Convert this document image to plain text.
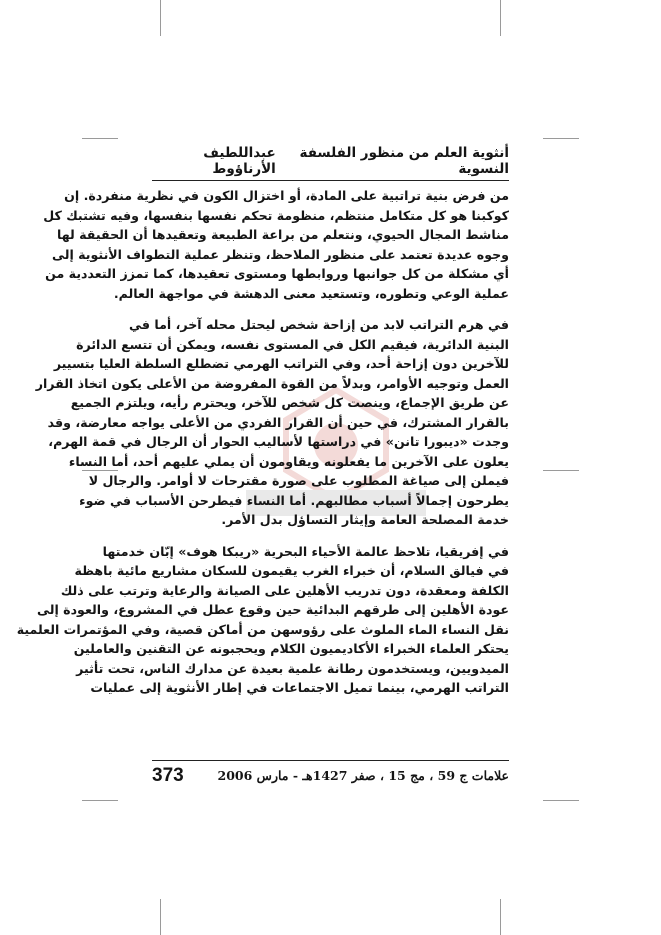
أنثوية العلم من منظور الفلسفة النسوية
عبداللطيف الأرناؤوط

من فرض بنية تراتبية على المادة، أو اختزال الكون في نظرية منفردة. إن
كوكبنا هو كل متكامل منتظم، منظومة تحكم نفسها بنفسها، وفيه تشتبك كل
مناشط المجال الحيوي، ونتعلم من براعة الطبيعة وتعقيدها أن الحقيقة لها
وجوه عديدة تعتمد على منظور الملاحظ، وتنظر عملية التطواف الأنثوية إلى
أي مشكلة من كل جوانبها وروابطها ومستوى تعقيدها، كما تمزز التعددية من
عملية الوعي وتطوره، وتستعيد معنى الدهشة في مواجهة العالم.

في هرم التراتب لابد من إزاحة شخص ليحتل محله آخر، أما في
البنية الدائرية، فيقيم الكل في المستوى نفسه، ويمكن أن تتسع الدائرة
للآخرين دون إزاحة أحد، وفي التراتب الهرمي تضطلع السلطة العليا بتسيير
العمل وتوجيه الأوامر، وبدلاً من القوة المفروضة من الأعلى يكون اتخاذ القرار
عن طريق الإجماع، وينصت كل شخص للآخر، ويحترم رأيه، ويلتزم الجميع
بالقرار المشترك، في حين أن القرار الفردي من الأعلى يواجه معارضة، وقد
وجدت «ديبورا تانن» في دراستها لأساليب الحوار أن الرجال في قمة الهرم،
يعلون على الآخرين ما يفعلونه ويقاومون أن يملي عليهم أحد، أما النساء
فيملن إلى صياغة المطلوب على صورة مقترحات لا أوامر. والرجال لا
يطرحون إجمالاً أسباب مطالبهم. أما النساء فيطرحن الأسباب في ضوء
خدمة المصلحة العامة وإيثار التساؤل بدل الأمر.

في إفريقيا، تلاحظ عالمة الأحياء البحرية «ريبكا هوف» إبّان خدمتها
في فيالق السلام، أن خبراء الغرب يقيمون للسكان مشاريع مائية باهظة
الكلفة ومعقدة، دون تدريب الأهلين على الصيانة والرعاية وترتب على ذلك
عودة الأهلين إلى طرقهم البدائية حين وقوع عطل في المشروع، والعودة إلى
نقل النساء الماء الملوث على رؤوسهن من أماكن قصية، وفي المؤتمرات العلمية
يحتكر العلماء الخبراء الأكاديميون الكلام ويحجبونه عن التقنين والعاملين
الميدويين، ويستخدمون رطانة علمية بعيدة عن مدارك الناس، تحت تأثير
التراتب الهرمي، بينما تميل الاجتماعات في إطار الأنثوية إلى عمليات

علامات ج 59 ، مج 15 ، صفر 1427هـ - مارس 2006
373
